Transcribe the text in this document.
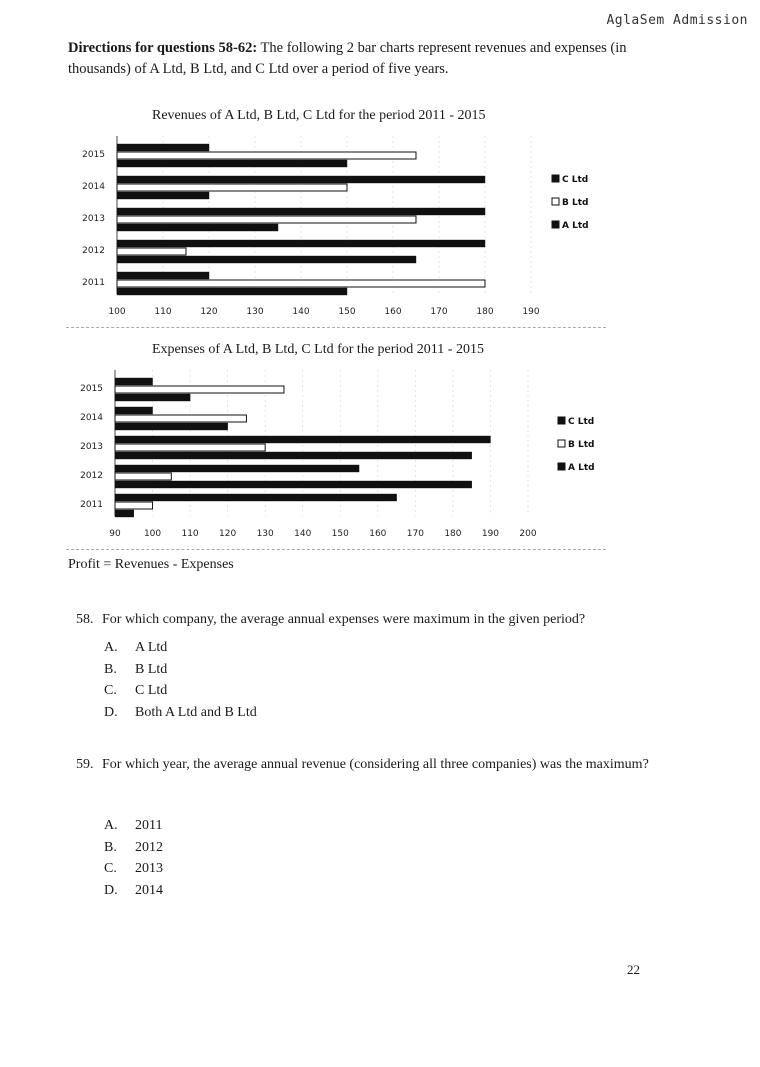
AglaSem Admission
Directions for questions 58-62: The following 2 bar charts represent revenues and expenses (in thousands) of A Ltd, B Ltd, and C Ltd over a period of five years.
Revenues of A Ltd, B Ltd, C Ltd for the period 2011 - 2015
100	110	120	130	140	150	160	170	180	190
2015
2014
2013
2012
2011
C Ltd
B Ltd
A Ltd
Expenses of A Ltd, B Ltd, C Ltd for the period 2011 - 2015
90	100 110 120 130 140 150 160 170 180 190 200
2015
2014
2013
2012
2011
C Ltd
B Ltd
A Ltd
Profit = Revenues - Expenses
58. For which company, the average annual expenses were maximum in the given period?
A.	A Ltd
B.	B Ltd
C.	C Ltd
D.	Both A Ltd and B Ltd
59. For which year, the average annual revenue (considering all three companies) was the maximum?
A.	2011
B.	2012
C.	2013
D.	2014
22
